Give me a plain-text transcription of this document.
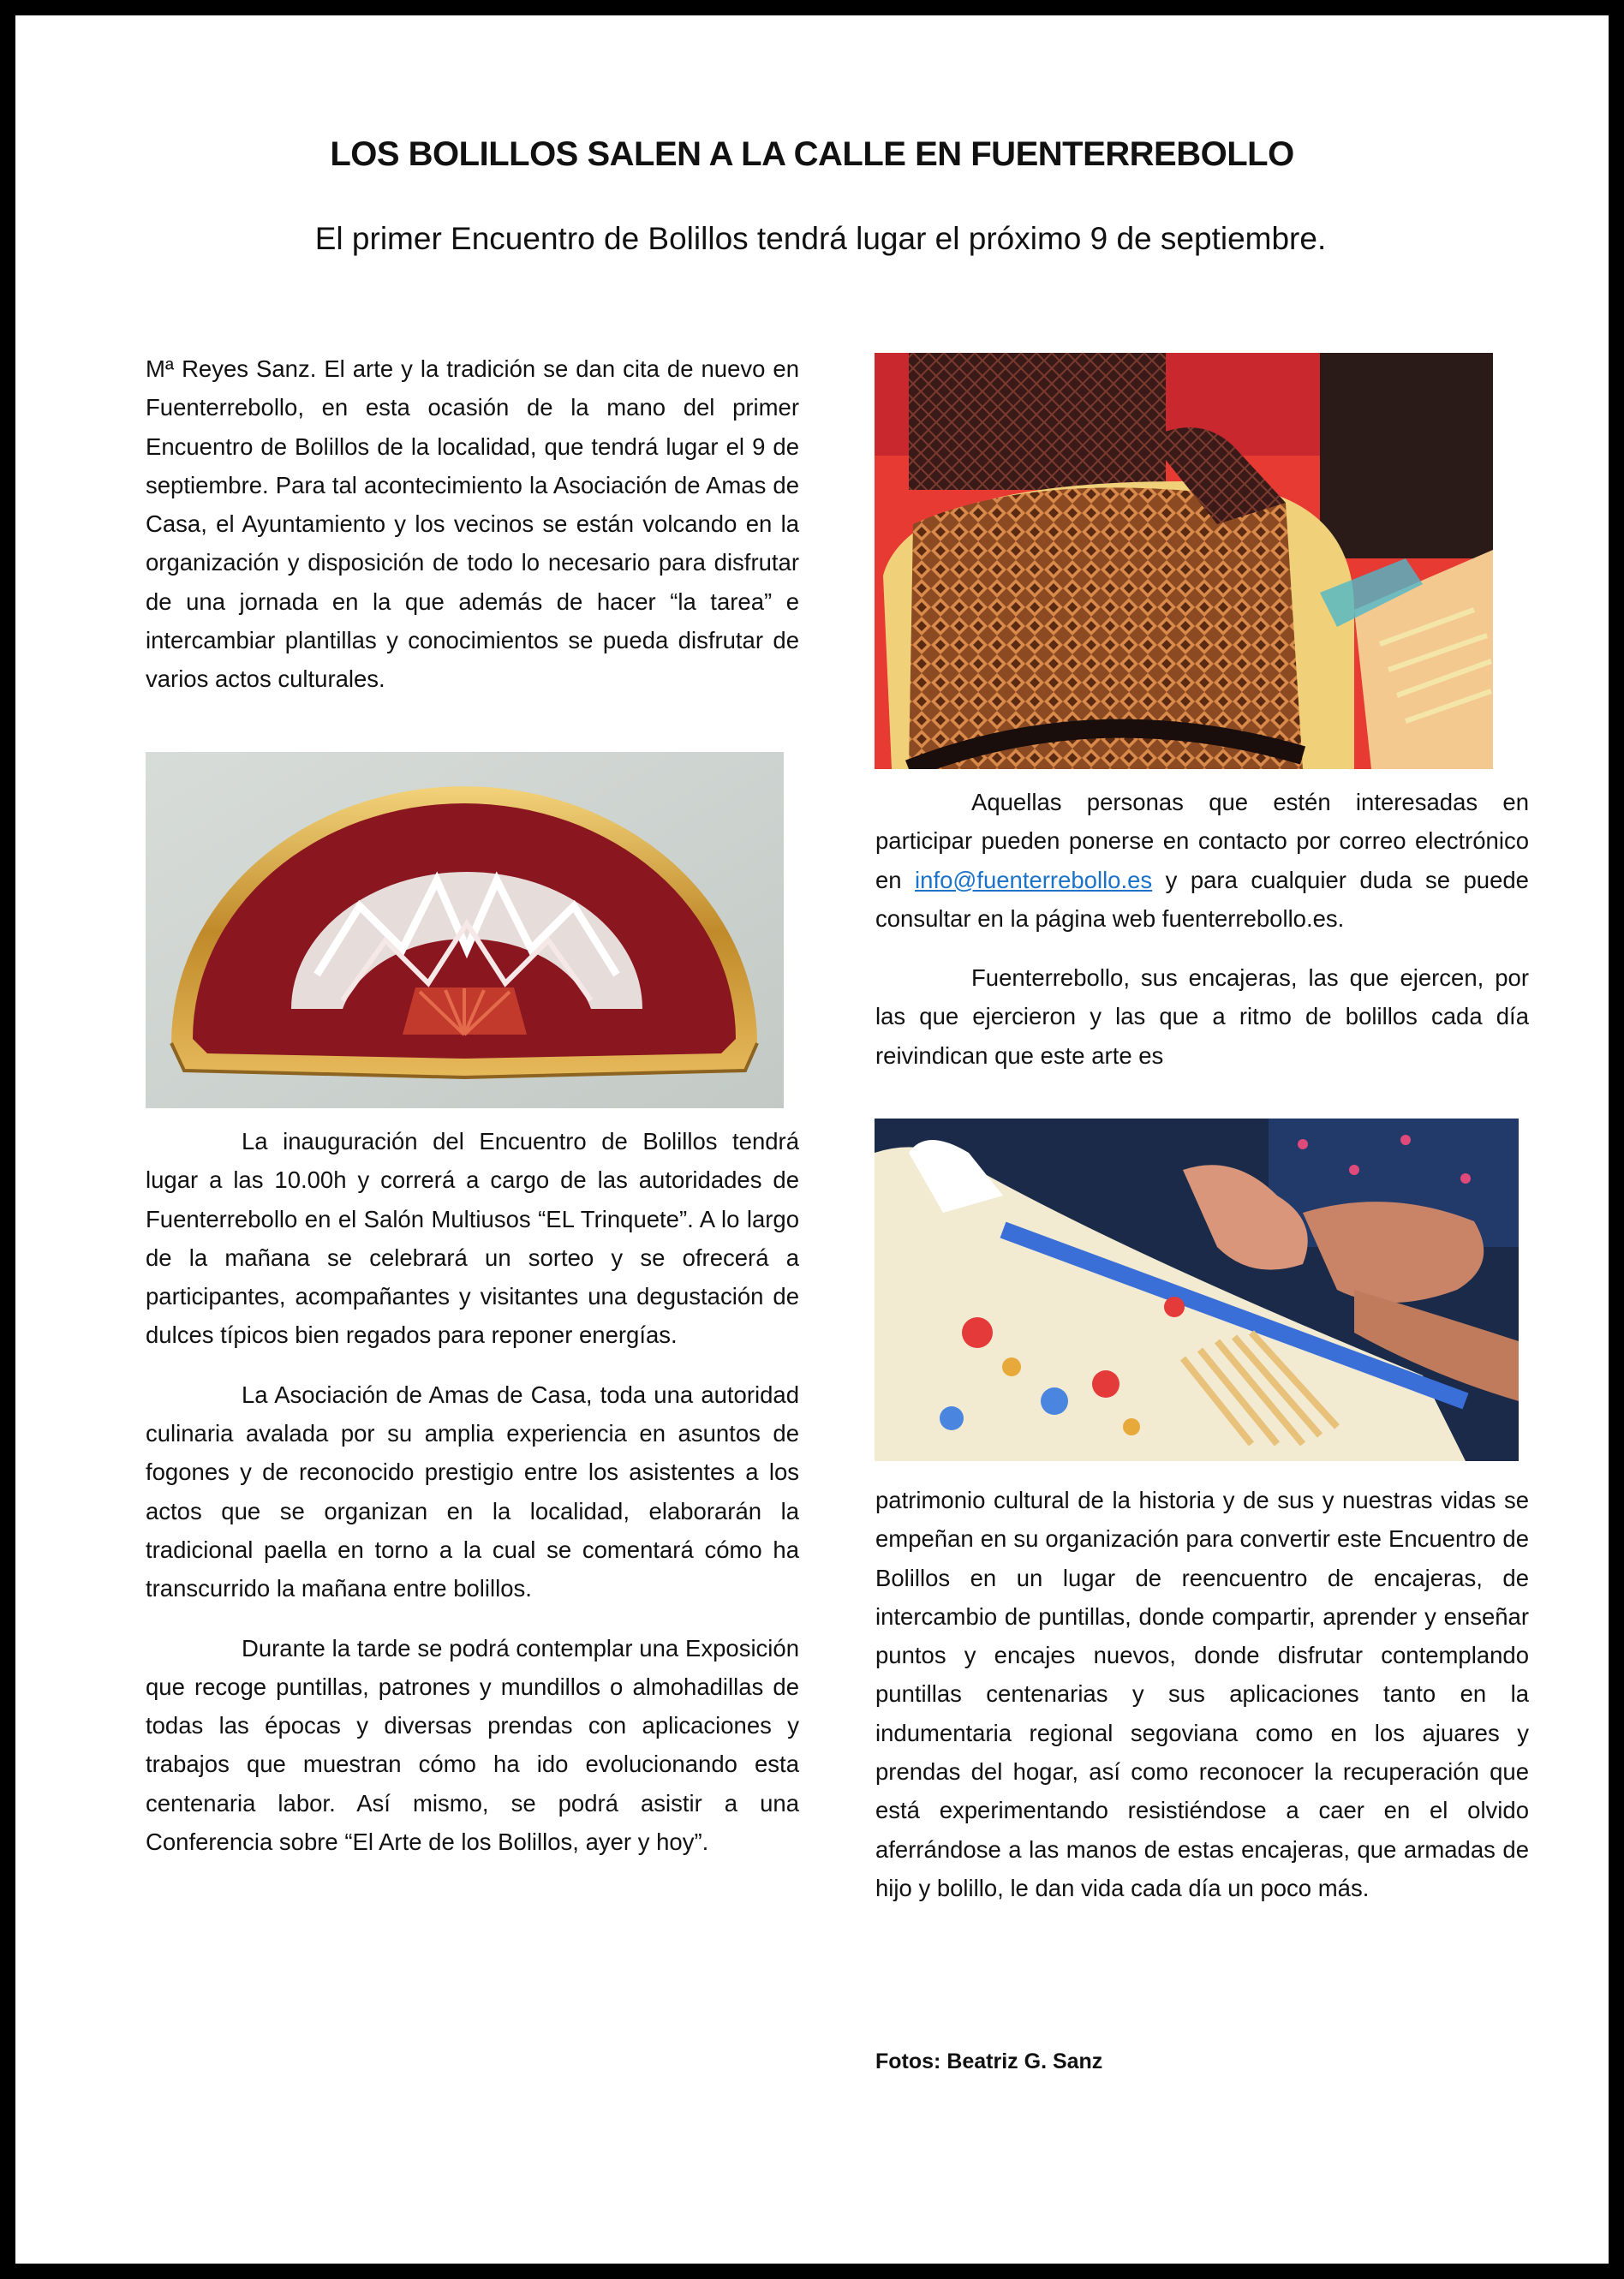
LOS BOLILLOS SALEN A LA CALLE EN FUENTERREBOLLO
El primer Encuentro de Bolillos tendrá lugar el próximo 9 de septiembre.

Mª Reyes Sanz. El arte y la tradición se dan cita de nuevo en Fuenterrebollo, en esta ocasión de la mano del primer Encuentro de Bolillos de la localidad, que tendrá lugar el 9 de septiembre. Para tal acontecimiento la Asociación de Amas de Casa, el Ayuntamiento y los vecinos se están volcando en la organización y disposición de todo lo necesario para disfrutar de una jornada en la que además de hacer “la tarea” e intercambiar plantillas y conocimientos se pueda disfrutar de varios actos culturales.

La inauguración del Encuentro de Bolillos tendrá lugar a las 10.00h y correrá a cargo de las autoridades de Fuenterrebollo en el Salón Multiusos “EL Trinquete”. A lo largo de la mañana se celebrará un sorteo y se ofrecerá a participantes, acompañantes y visitantes una degustación de dulces típicos bien regados para reponer energías.

La Asociación de Amas de Casa, toda una autoridad culinaria avalada por su amplia experiencia en asuntos de fogones y de reconocido prestigio entre los asistentes a los actos que se organizan en la localidad, elaborarán la tradicional paella en torno a la cual se comentará cómo ha transcurrido la mañana entre bolillos.

Durante la tarde se podrá contemplar una Exposición que recoge puntillas, patrones y mundillos o almohadillas de todas las épocas y diversas prendas con aplicaciones y trabajos que muestran cómo ha ido evolucionando esta centenaria labor. Así mismo, se podrá asistir a una Conferencia sobre “El Arte de los Bolillos, ayer y hoy”.

Aquellas personas que estén interesadas en participar pueden ponerse en contacto por correo electrónico en info@fuenterrebollo.es y para cualquier duda se puede consultar en la página web fuenterrebollo.es.

Fuenterrebollo, sus encajeras, las que ejercen, por las que ejercieron y las que a ritmo de bolillos cada día reivindican que este arte es

patrimonio cultural de la historia y de sus y nuestras vidas se empeñan en su organización para convertir este Encuentro de Bolillos en un lugar de reencuentro de encajeras, de intercambio de puntillas, donde compartir, aprender y enseñar puntos y encajes nuevos, donde disfrutar contemplando puntillas centenarias y sus aplicaciones tanto en la indumentaria regional segoviana como en los ajuares y prendas del hogar, así como reconocer la recuperación que está experimentando resistiéndose a caer en el olvido aferrándose a las manos de estas encajeras, que armadas de hijo y bolillo, le dan vida cada día un poco más.

Fotos: Beatriz G. Sanz
